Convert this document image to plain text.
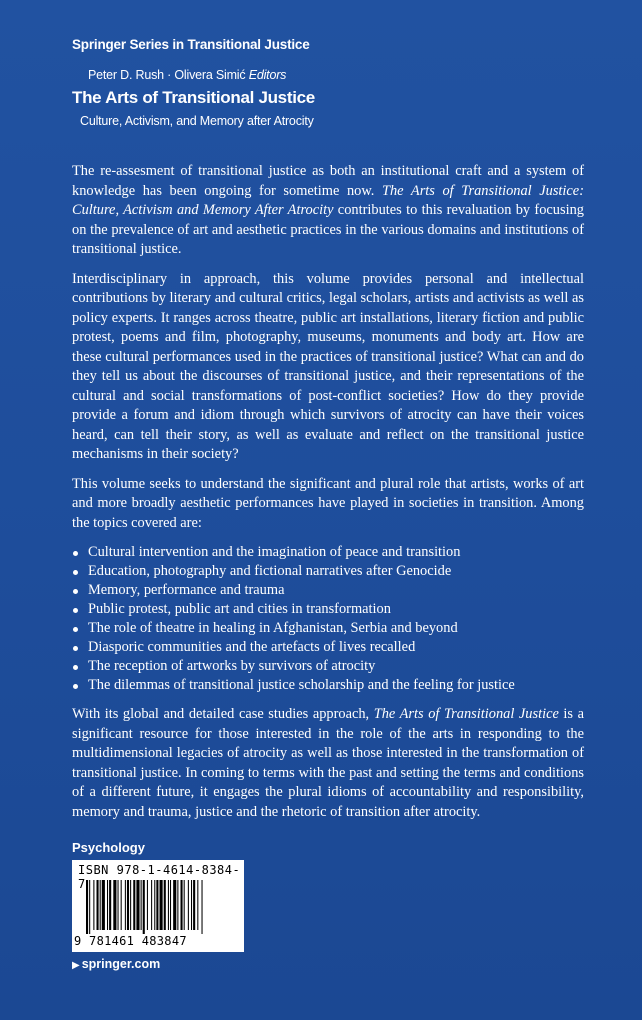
Springer Series in Transitional Justice
Peter D. Rush · Olivera Simić Editors
The Arts of Transitional Justice
Culture, Activism, and Memory after Atrocity

The re-assesment of transitional justice as both an institutional craft and a system of knowledge has been ongoing for sometime now. The Arts of Transitional Justice: Culture, Activism and Memory After Atrocity contributes to this revaluation by focusing on the prevalence of art and aesthetic practices in the various domains and institutions of transitional justice.

Interdisciplinary in approach, this volume provides personal and intellectual contributions by literary and cultural critics, legal scholars, artists and activists as well as policy experts. It ranges across theatre, public art installations, literary fiction and public protest, poems and film, photography, museums, monuments and body art. How are these cultural performances used in the practices of transitional justice? What can and do they tell us about the discourses of transitional justice, and their representations of the cultural and social transformations of post-conflict societies? How do they provide provide a forum and idiom through which survivors of atrocity can have their voices heard, can tell their story, as well as evaluate and reflect on the transitional justice mechanisms in their society?

This volume seeks to understand the significant and plural role that artists, works of art and more broadly aesthetic performances have played in societies in transition. Among the topics covered are:

Cultural intervention and the imagination of peace and transition
Education, photography and fictional narratives after Genocide
Memory, performance and trauma
Public protest, public art and cities in transformation
The role of theatre in healing in Afghanistan, Serbia and beyond
Diasporic communities and the artefacts of lives recalled
The reception of artworks by survivors of atrocity
The dilemmas of transitional justice scholarship and the feeling for justice

With its global and detailed case studies approach, The Arts of Transitional Justice is a significant resource for those interested in the role of the arts in responding to the multidimensional legacies of atrocity as well as those interested in the transformation of transitional justice. In coming to terms with the past and setting the terms and conditions of a different future, it engages the plural idioms of accountability and responsibility, memory and trauma, justice and the rhetoric of transition after atrocity.

Psychology
ISBN 978-1-4614-8384-7
9 781461 483847
▶ springer.com
